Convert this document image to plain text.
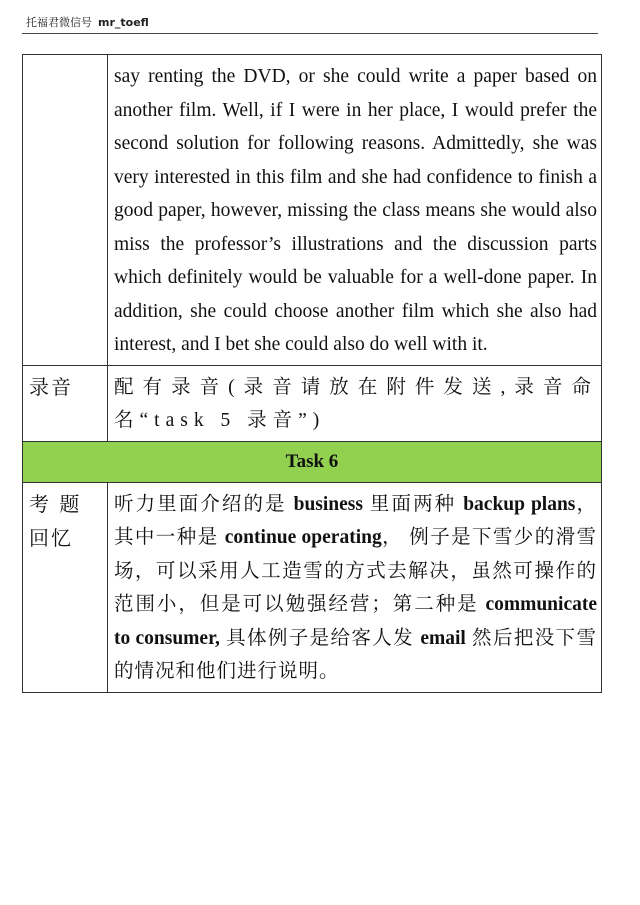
托福君微信号 mr_toefl
	say renting the DVD, or she could write a paper based on another film. Well, if I were in her place, I would prefer the second solution for following reasons. Admittedly, she was very interested in this film and she had confidence to finish a good paper, however, missing the class means she would also miss the professor’s illustrations and the discussion parts which definitely would be valuable for a well-done paper. In addition, she could choose another film which she also had interest, and I bet she could also do well with it.
录音	配有录音(录音请放在附件发送,录音命名“task 5 录音”)
Task 6	
考 题 回忆	听力里面介绍的是 business 里面两种 backup plans，其中一种是 continue operating， 例子是下雪少的滑雪场，可以采用人工造雪的方式去解决，虽然可操作的范围小，但是可以勉强经营；第二种是 communicate to consumer, 具体例子是给客人发 email 然后把没下雪的情况和他们进行说明。
